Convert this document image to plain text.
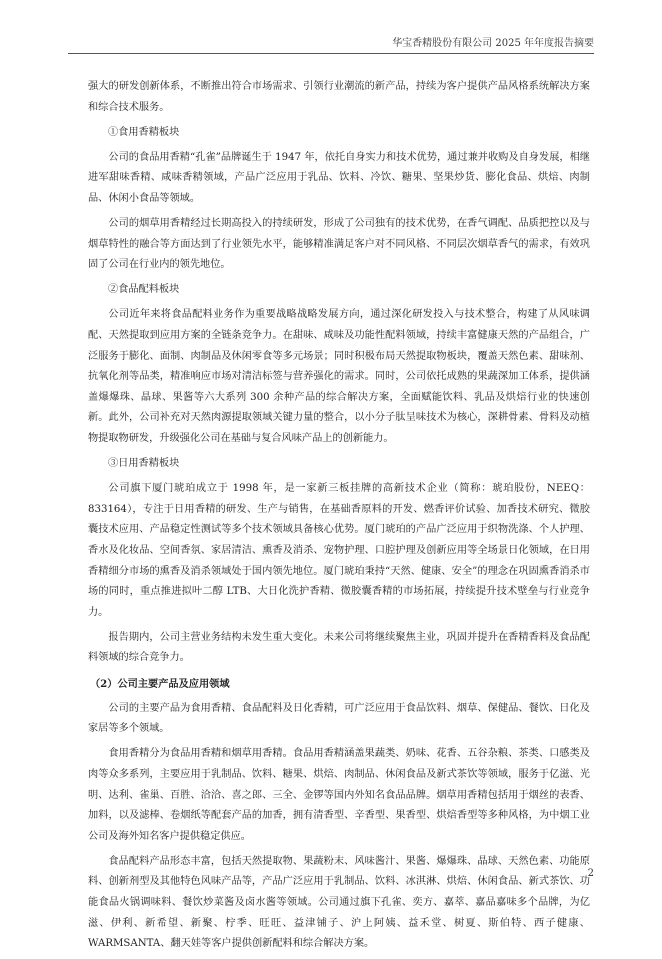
华宝香精股份有限公司 2025 年年度报告摘要

强大的研发创新体系，不断推出符合市场需求、引领行业潮流的新产品，持续为客户提供产品风格系统解决方案和综合技术服务。

①食用香精板块

公司的食品用香精“孔雀”品牌诞生于 1947 年，依托自身实力和技术优势，通过兼并收购及自身发展，相继进军甜味香精、咸味香精领域，产品广泛应用于乳品、饮料、冷饮、糖果、坚果炒货、膨化食品、烘焙、肉制品、休闲小食品等领域。

公司的烟草用香精经过长期高投入的持续研发，形成了公司独有的技术优势，在香气调配、品质把控以及与烟草特性的融合等方面达到了行业领先水平，能够精准满足客户对不同风格、不同层次烟草香气的需求，有效巩固了公司在行业内的领先地位。

②食品配料板块

公司近年来将食品配料业务作为重要战略战略发展方向，通过深化研发投入与技术整合，构建了从风味调配、天然提取到应用方案的全链条竞争力。在甜味、咸味及功能性配料领域，持续丰富健康天然的产品组合，广泛服务于膨化、面制、肉制品及休闲零食等多元场景；同时积极布局天然提取物板块，覆盖天然色素、甜味剂、抗氧化剂等品类，精准响应市场对清洁标签与营养强化的需求。同时，公司依托成熟的果蔬深加工体系，提供涵盖爆爆珠、晶球、果酱等六大系列 300 余种产品的综合解决方案，全面赋能饮料、乳品及烘焙行业的快速创新。此外，公司补充对天然肉源提取领域关键力量的整合，以小分子肽呈味技术为核心，深耕骨素、骨料及动植物提取物研发，升级强化公司在基础与复合风味产品上的创新能力。

③日用香精板块

公司旗下厦门琥珀成立于 1998 年，是一家新三板挂牌的高新技术企业（简称：琥珀股份，NEEQ：833164），专注于日用香精的研发、生产与销售，在基础香原料的开发、燃香评价试验、加香技术研究、微胶囊技术应用、产品稳定性测试等多个技术领域具备核心优势。厦门琥珀的产品广泛应用于织物洗涤、个人护理、香水及化妆品、空间香氛、家居清洁、熏香及消杀、宠物护理、口腔护理及创新应用等全场景日化领域，在日用香精细分市场的熏香及消杀领域处于国内领先地位。厦门琥珀秉持“天然、健康、安全”的理念在巩固熏香消杀市场的同时，重点推进拟叶二醇 LTB、大日化洗护香精、微胶囊香精的市场拓展，持续提升技术壁垒与行业竞争力。

报告期内，公司主营业务结构未发生重大变化。未来公司将继续聚焦主业，巩固并提升在香精香料及食品配料领域的综合竞争力。

（2）公司主要产品及应用领域

公司的主要产品为食用香精、食品配料及日化香精，可广泛应用于食品饮料、烟草、保健品、餐饮、日化及家居等多个领域。

食用香精分为食品用香精和烟草用香精。食品用香精涵盖果蔬类、奶味、花香、五谷杂粮、茶类、口感类及肉等众多系列，主要应用于乳制品、饮料、糖果、烘焙、肉制品、休闲食品及新式茶饮等领域，服务于亿滋、光明、达利、雀巢、百胜、洽洽、喜之郎、三全、金锣等国内外知名食品品牌。烟草用香精包括用于烟丝的表香、加料，以及滤棒、卷烟纸等配套产品的加香，拥有清香型、辛香型、果香型、烘焙香型等多种风格，为中烟工业公司及海外知名客户提供稳定供应。

食品配料产品形态丰富，包括天然提取物、果蔬粉末、风味酱汁、果酱、爆爆珠、晶球、天然色素、功能原料、创新剂型及其他特色风味产品等，产品广泛应用于乳制品、饮料、冰淇淋、烘焙、休闲食品、新式茶饮、功能食品火锅调味料、餐饮炒菜酱及卤水酱等领域。公司通过旗下孔雀、奕方、嘉萃、嘉品嘉味多个品牌，为亿滋、伊利、新希望、新聚、柠季、旺旺、益津铺子、沪上阿姨、益禾堂、树夏、斯伯特、西子健康、WARMSANTA、翻天娃等客户提供创新配料和综合解决方案。

2
